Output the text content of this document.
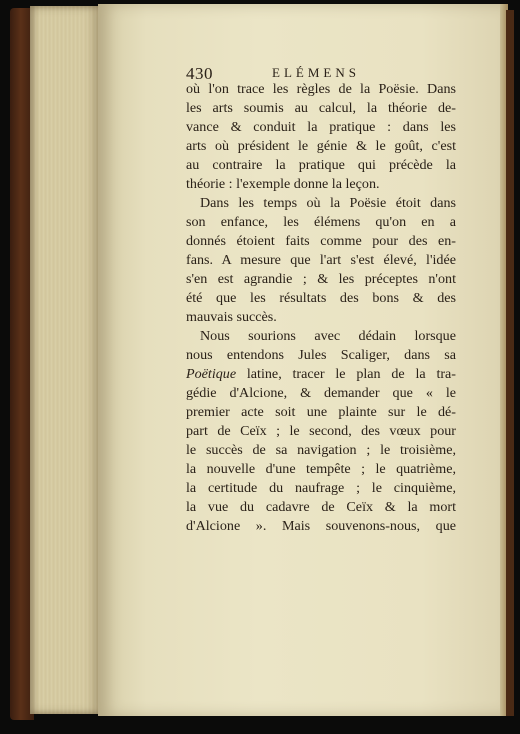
430	ELÉMENS
où l'on trace les règles de la Poësie. Dans
les arts soumis au calcul, la théorie de-
vance & conduit la pratique : dans les
arts où président le génie & le goût, c'est
au contraire la pratique qui précède la
théorie : l'exemple donne la leçon.
Dans les temps où la Poësie étoit dans
son enfance, les élémens qu'on en a
donnés étoient faits comme pour des en-
fans. A mesure que l'art s'est élevé, l'idée
s'en est agrandie ; & les préceptes n'ont
été que les résultats des bons & des
mauvais succès.
Nous sourions avec dédain lorsque
nous entendons Jules Scaliger, dans sa
Poëtique latine, tracer le plan de la tra-
gédie d'Alcione, & demander que « le
premier acte soit une plainte sur le dé-
part de Ceïx ; le second, des vœux pour
le succès de sa navigation ; le troisième,
la nouvelle d'une tempête ; le quatrième,
la certitude du naufrage ; le cinquième,
la vue du cadavre de Ceïx & la mort
d'Alcione ». Mais souvenons-nous, que
